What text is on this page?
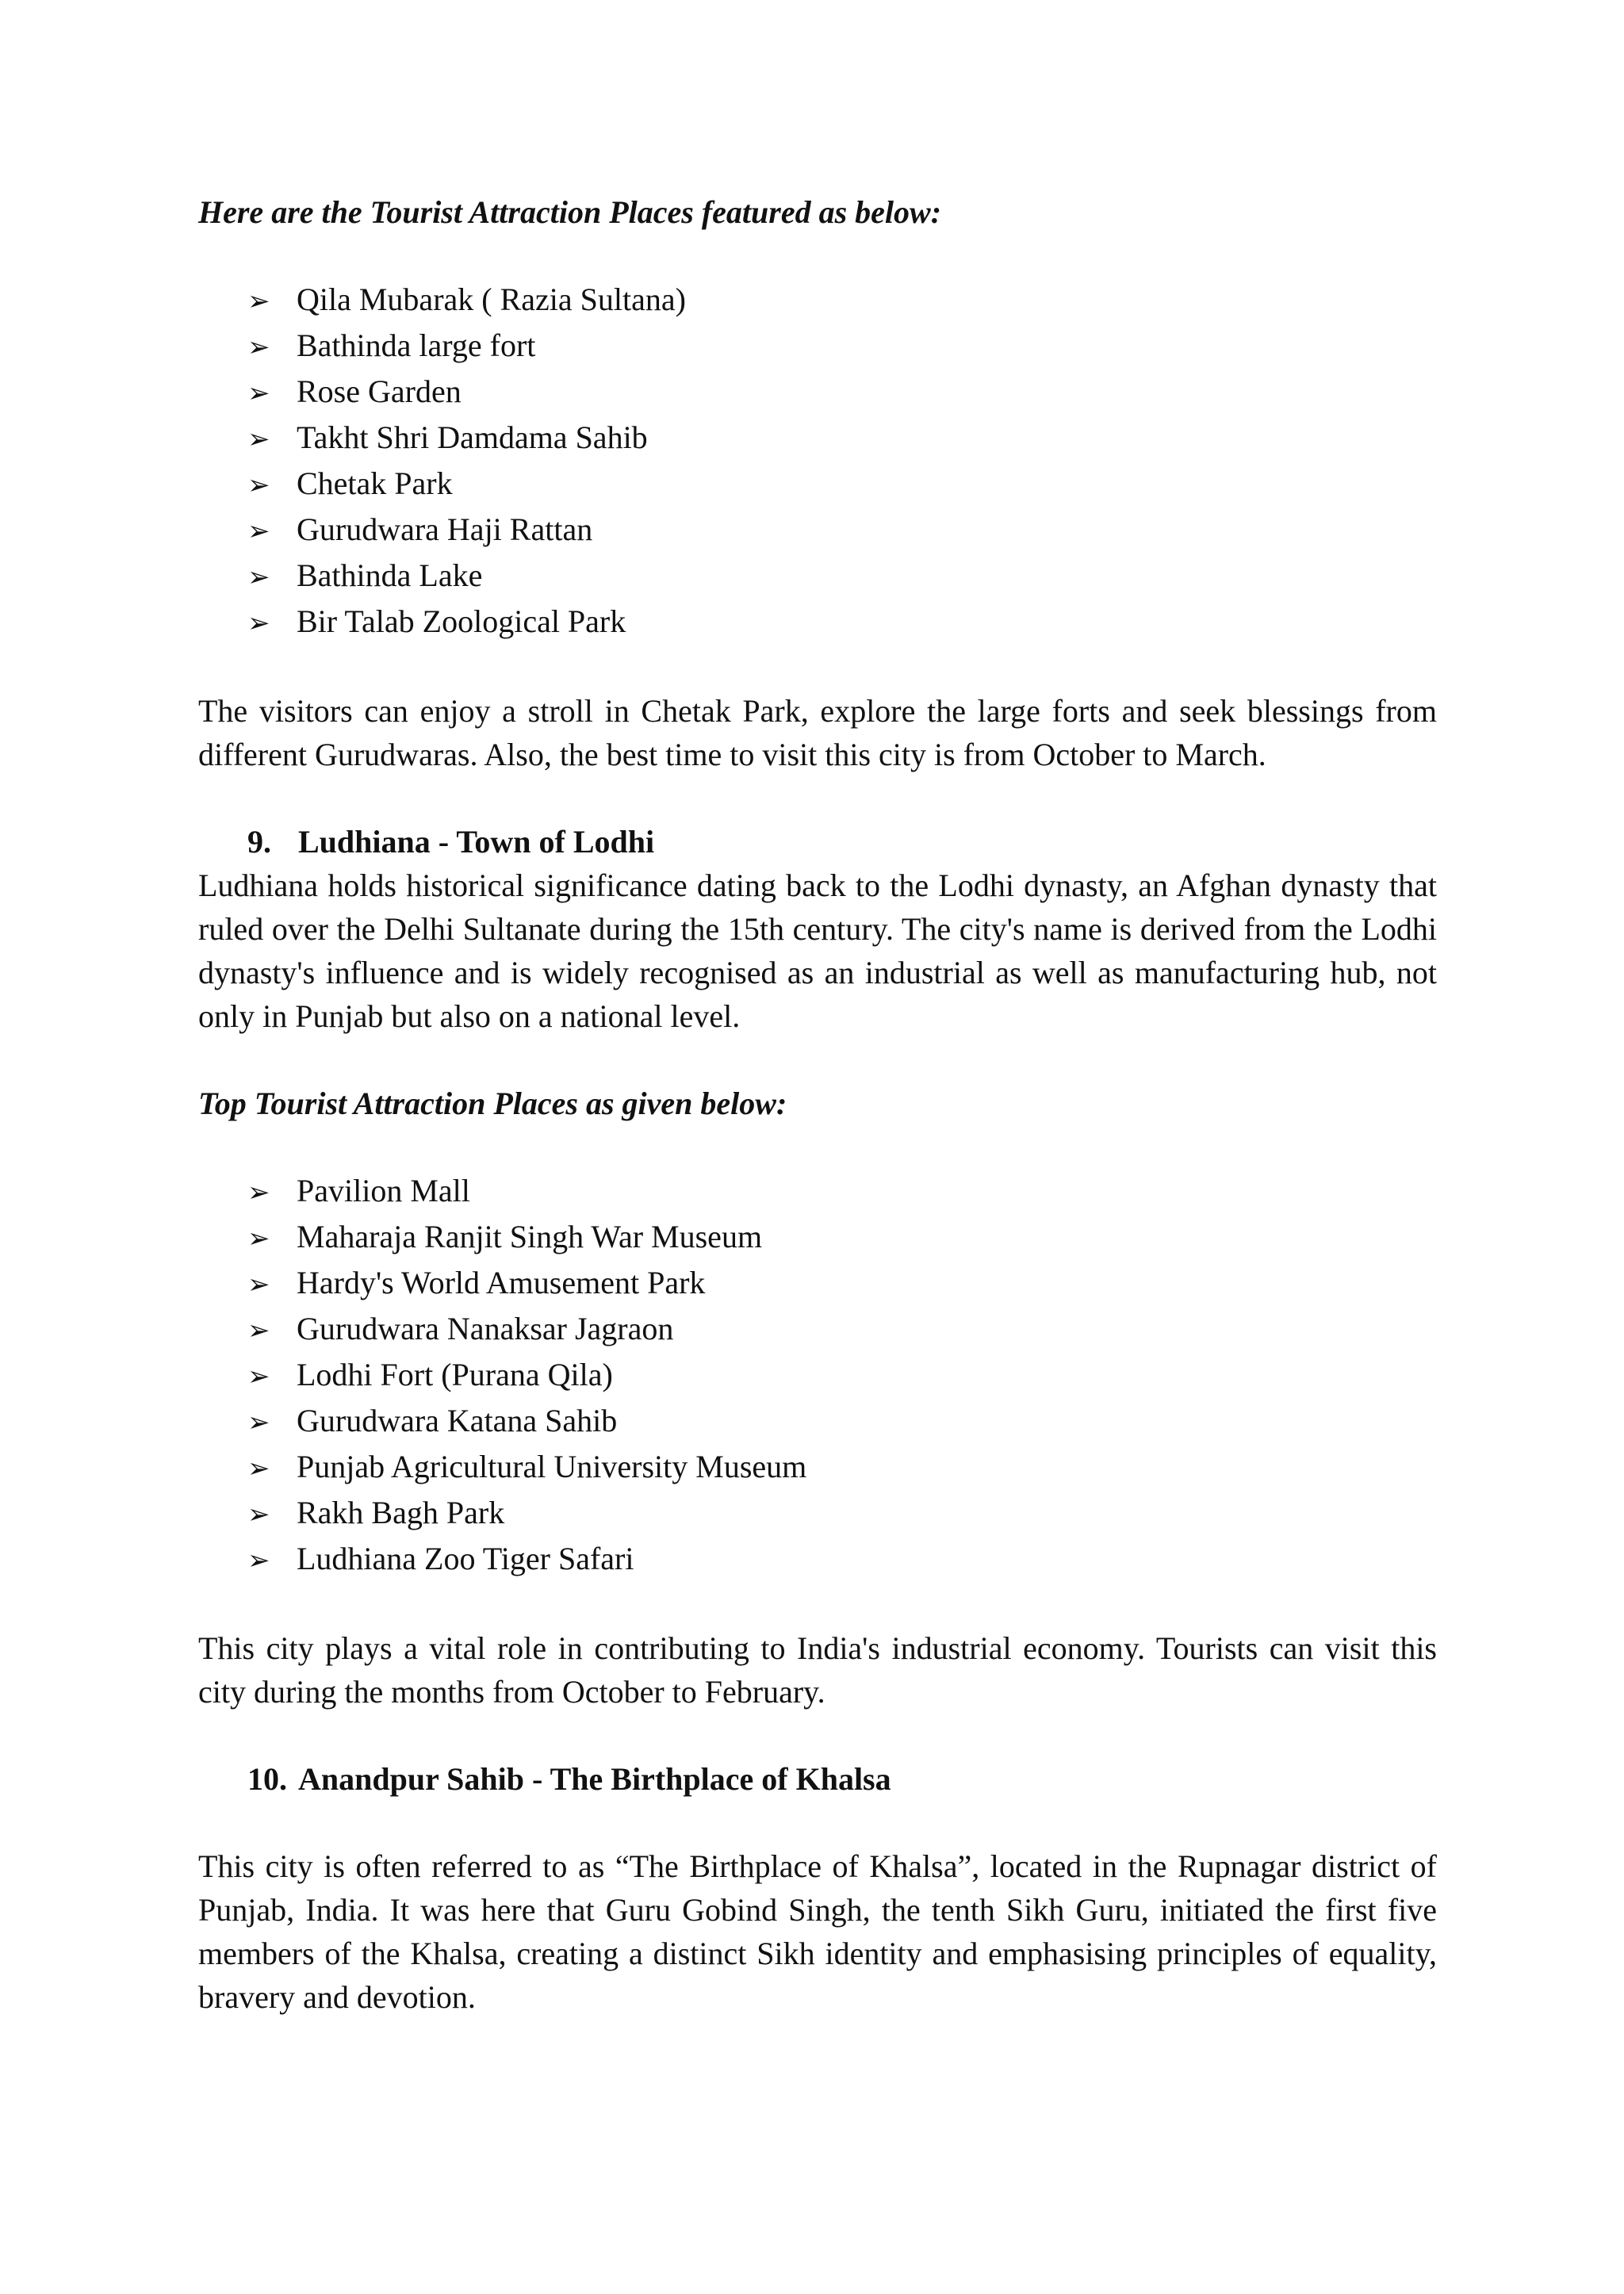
Here are the Tourist Attraction Places featured as below:

➢ Qila Mubarak ( Razia Sultana)
➢ Bathinda large fort
➢ Rose Garden
➢ Takht Shri Damdama Sahib
➢ Chetak Park
➢ Gurudwara Haji Rattan
➢ Bathinda Lake
➢ Bir Talab Zoological Park

The visitors can enjoy a stroll in Chetak Park, explore the large forts and seek blessings from different Gurudwaras. Also, the best time to visit this city is from October to March.

9. Ludhiana - Town of Lodhi

Ludhiana holds historical significance dating back to the Lodhi dynasty, an Afghan dynasty that ruled over the Delhi Sultanate during the 15th century. The city's name is derived from the Lodhi dynasty's influence and is widely recognised as an industrial as well as manufacturing hub, not only in Punjab but also on a national level.

Top Tourist Attraction Places as given below:

➢ Pavilion Mall
➢ Maharaja Ranjit Singh War Museum
➢ Hardy's World Amusement Park
➢ Gurudwara Nanaksar Jagraon
➢ Lodhi Fort (Purana Qila)
➢ Gurudwara Katana Sahib
➢ Punjab Agricultural University Museum
➢ Rakh Bagh Park
➢ Ludhiana Zoo Tiger Safari

This city plays a vital role in contributing to India's industrial economy. Tourists can visit this city during the months from October to February.

10. Anandpur Sahib - The Birthplace of Khalsa

This city is often referred to as “The Birthplace of Khalsa”, located in the Rupnagar district of Punjab, India. It was here that Guru Gobind Singh, the tenth Sikh Guru, initiated the first five members of the Khalsa, creating a distinct Sikh identity and emphasising principles of equality, bravery and devotion.
